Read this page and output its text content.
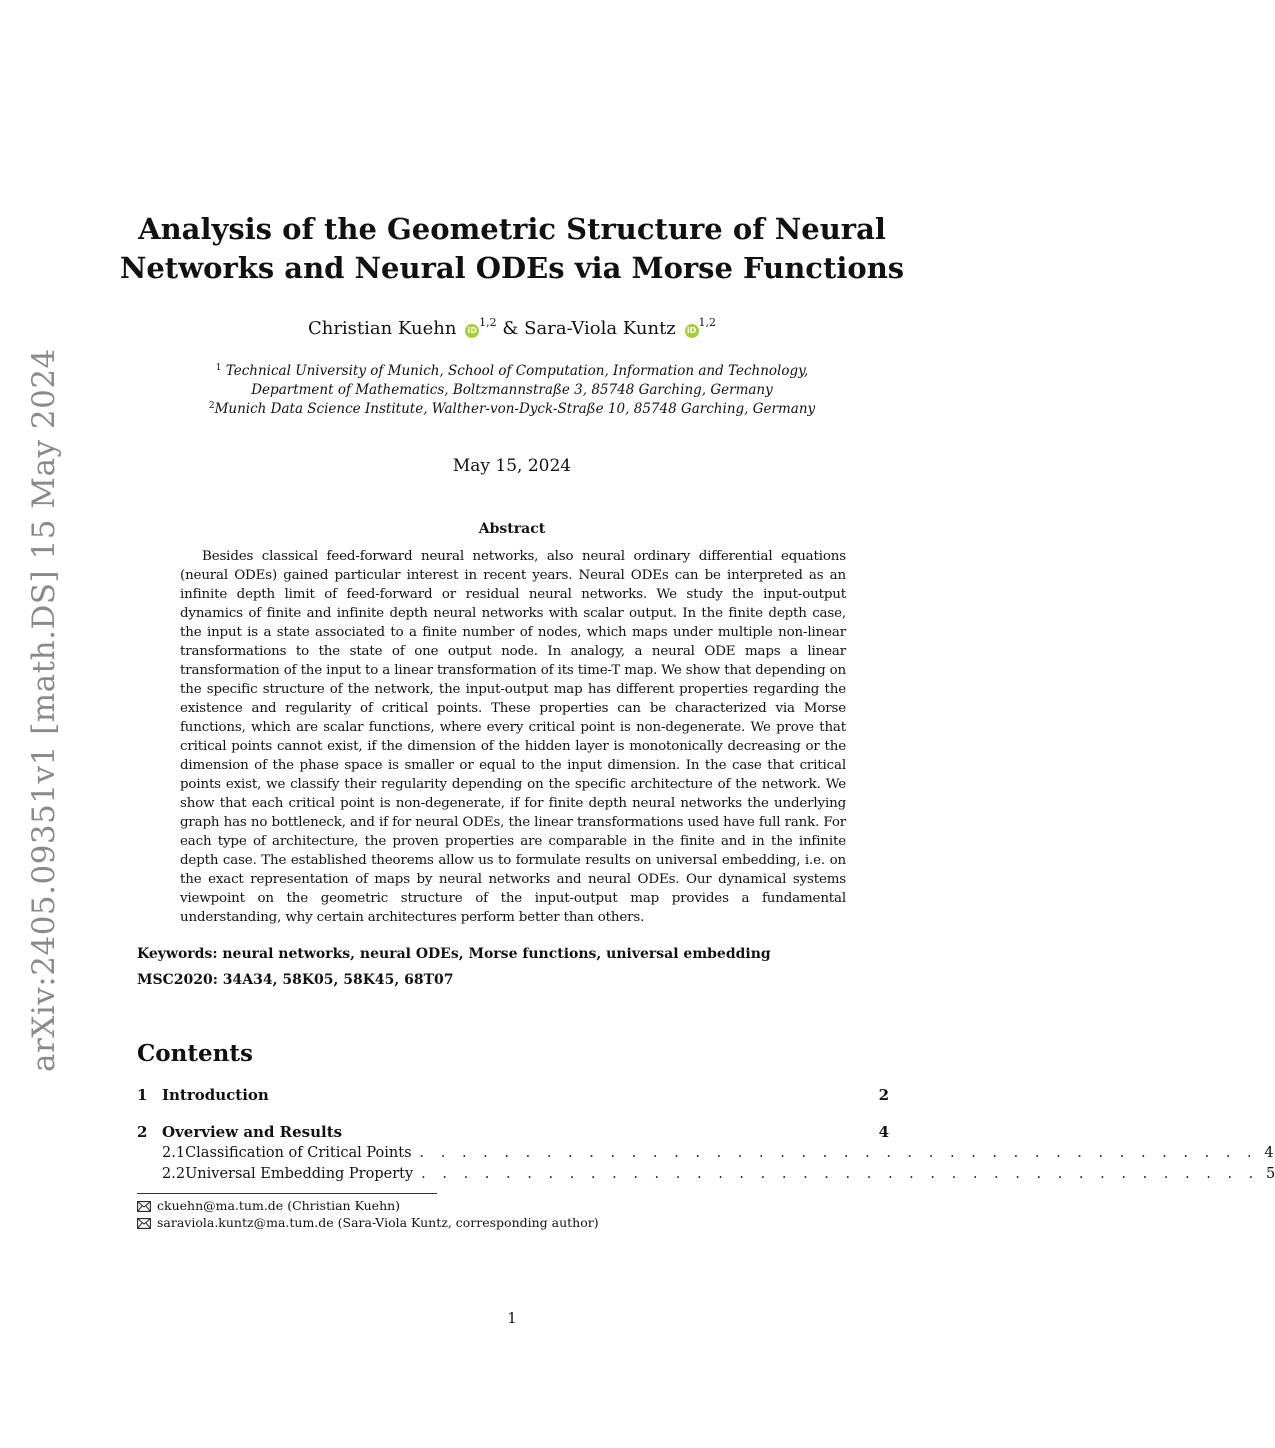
arXiv:2405.09351v1 [math.DS] 15 May 2024
Analysis of the Geometric Structure of Neural
Networks and Neural ODEs via Morse Functions
Christian Kuehn iD$^{1,2}$ & Sara-Viola Kuntz iD$^{1,2}$
$^1$ Technical University of Munich, School of Computation, Information and Technology,
Department of Mathematics, Boltzmannstraße 3, 85748 Garching, Germany
$^2$Munich Data Science Institute, Walther-von-Dyck-Straße 10, 85748 Garching, Germany
May 15, 2024
Abstract
Besides classical feed-forward neural networks, also neural ordinary differential equations (neural ODEs) gained particular interest in recent years. Neural ODEs can be interpreted as an infinite depth limit of feed-forward or residual neural networks. We study the input-output dynamics of finite and infinite depth neural networks with scalar output. In the finite depth case, the input is a state associated to a finite number of nodes, which maps under multiple non-linear transformations to the state of one output node. In analogy, a neural ODE maps a linear transformation of the input to a linear transformation of its time-T map. We show that depending on the specific structure of the network, the input-output map has different properties regarding the existence and regularity of critical points. These properties can be characterized via Morse functions, which are scalar functions, where every critical point is non-degenerate. We prove that critical points cannot exist, if the dimension of the hidden layer is monotonically decreasing or the dimension of the phase space is smaller or equal to the input dimension. In the case that critical points exist, we classify their regularity depending on the specific architecture of the network. We show that each critical point is non-degenerate, if for finite depth neural networks the underlying graph has no bottleneck, and if for neural ODEs, the linear transformations used have full rank. For each type of architecture, the proven properties are comparable in the finite and in the infinite depth case. The established theorems allow us to formulate results on universal embedding, i.e. on the exact representation of maps by neural networks and neural ODEs. Our dynamical systems viewpoint on the geometric structure of the input-output map provides a fundamental understanding, why certain architectures perform better than others.
Keywords: neural networks, neural ODEs, Morse functions, universal embedding
MSC2020: 34A34, 58K05, 58K45, 68T07
Contents
1 Introduction	2
2 Overview and Results	4
2.1 Classification of Critical Points . . . . . . . . . . . . . . . . . . . . . . . . . . . . . . . . . . . . . . . . 4
2.2 Universal Embedding Property . . . . . . . . . . . . . . . . . . . . . . . . . . . . . . . . . . . . . . . . 5
ckuehn@ma.tum.de (Christian Kuehn)
saraviola.kuntz@ma.tum.de (Sara-Viola Kuntz, corresponding author)
1
